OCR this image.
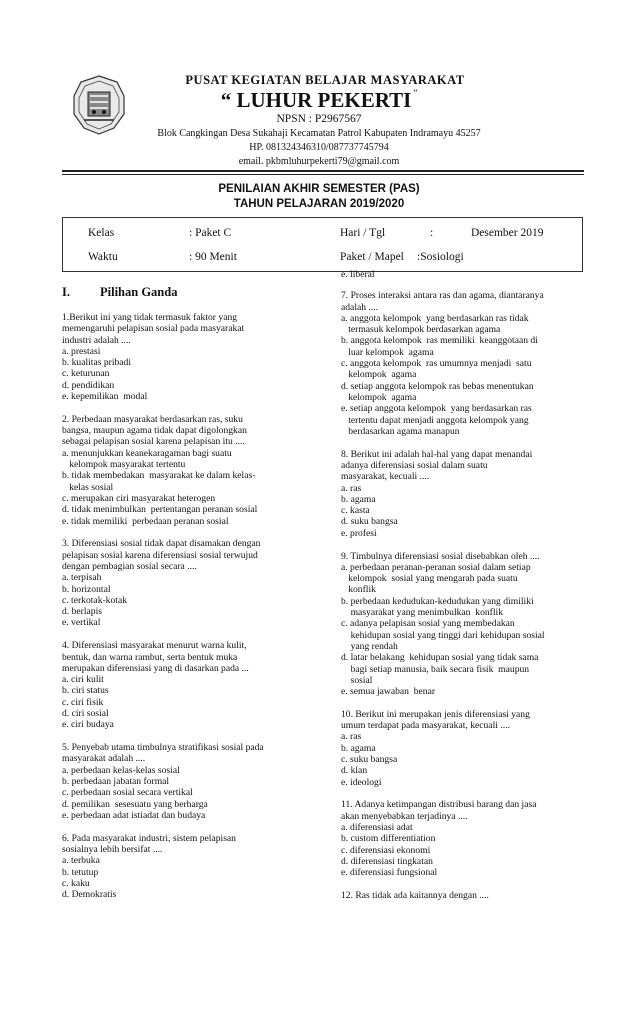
PUSAT KEGIATAN BELAJAR MASYARAKAT
“ LUHUR PEKERTI ”
NPSN : P2967567
Blok Cangkingan Desa Sukahaji Kecamatan Patrol Kabupaten Indramayu 45257
HP. 081324346310/087737745794
email. pkbmluhurpekerti79@gmail.com
PENILAIAN AKHIR SEMESTER (PAS)
TAHUN PELAJARAN 2019/2020
Kelas	: Paket C	Hari / Tgl	:	Desember 2019
Waktu	: 90 Menit	Paket / Mapel :Sosiologi
I. Pilihan Ganda

1.Berikut ini yang tidak termasuk faktor yang

memengaruhi pelapisan sosial pada masyarakat

industri adalah ....

a. prestasi

b. kualitas pribadi

c. keturunan

d. pendidikan

e. kepemilikan  modal

2. Perbedaan masyarakat berdasarkan ras, suku

bangsa, maupun agama tidak dapat digolongkan

sebagai pelapisan sosial karena pelapisan itu ....

a. menunjukkan keanekaragaman bagi suatu

kelompok masyarakat tertentu

b. tidak membedakan  masyarakat ke dalam kelas-

kelas sosial

c. merupakan ciri masyarakat heterogen

d. tidak menimbulkan  pertentangan peranan sosial

e. tidak memiliki  perbedaan peranan sosial

3. Diferensiasi sosial tidak dapat disamakan dengan

pelapisan sosial karena diferensiasi sosial terwujud

dengan pembagian sosial secara ....

a. terpisah

b. horizontal

c. terkotak-kotak

d. berlapis

e. vertikal

4. Diferensiasi masyarakat menurut warna kulit,

bentuk, dan warna rambut, serta bentuk muka

merupakan diferensiasi yang di dasarkan pada ...

a. ciri kulit

b. ciri status

c. ciri fisik

d. ciri sosial

e. ciri budaya

5. Penyebab utama timbulnya stratifikasi sosial pada

masyarakat adalah ....

a. perbedaan kelas-kelas sosial

b. perbedaan jabatan formal

c. perbedaan sosial secara vertikal

d. pemilikan  sesesuatu yang berharga

e. perbedaan adat istiadat dan budaya

6. Pada masyarakat industri, sistem pelapisan

sosialnya lebih bersifat ....

a. terbuka

b. tetutup

c. kaku

d. Demokratis

e. liberal

7. Proses interaksi antara ras dan agama, diantaranya

adalah ....

a. anggota kelompok  yang berdasarkan ras tidak

termasuk kelompok berdasarkan agama

b. anggota kelompok  ras memiliki  keanggotaan di

luar kelompok  agama

c. anggota kelompok  ras umumnya menjadi  satu

kelompok  agama

d. setiap anggota kelompok ras bebas menentukan

kelompok  agama

e. setiap anggota kelompok  yang berdasarkan ras

tertentu dapat menjadi anggota kelompok yang

berdasarkan agama manapun

8. Berikut ini adalah hal-hal yang dapat menandai

adanya diferensiasi sosial dalam suatu

masyarakat, kecuali ....

a. ras

b. agama

c. kasta

d. suku bangsa

e. profesi

9. Timbulnya diferensiasi sosial disebabkan oleh ....

a. perbedaan peranan-peranan sosial dalam setiap

kelompok  sosial yang mengarah pada suatu

konflik

b. perbedaan kedudukan-kedudukan yang dimiliki

masyarakat yang menimbulkan  konflik

c. adanya pelapisan sosial yang membedakan

kehidupan sosial yang tinggi dari kehidupan sosial

yang rendah

d. latar belakang  kehidupan sosial yang tidak sama

bagi setiap manusia, baik secara fisik  maupun

sosial

e. semua jawaban  benar

10. Berikut ini merupakan jenis diferensiasi yang

umum terdapat pada masyarakat, kecuali ....

a. ras

b. agama

c. suku bangsa

d. klan

e. ideologi

11. Adanya ketimpangan distribusi barang dan jasa

akan menyebabkan terjadinya ....

a. diferensiasi adat

b. custom differentiation

c. diferensiasi ekonomi

d. diferensiasi tingkatan

e. diferensiasi fungsional

12. Ras tidak ada kaitannya dengan ....
